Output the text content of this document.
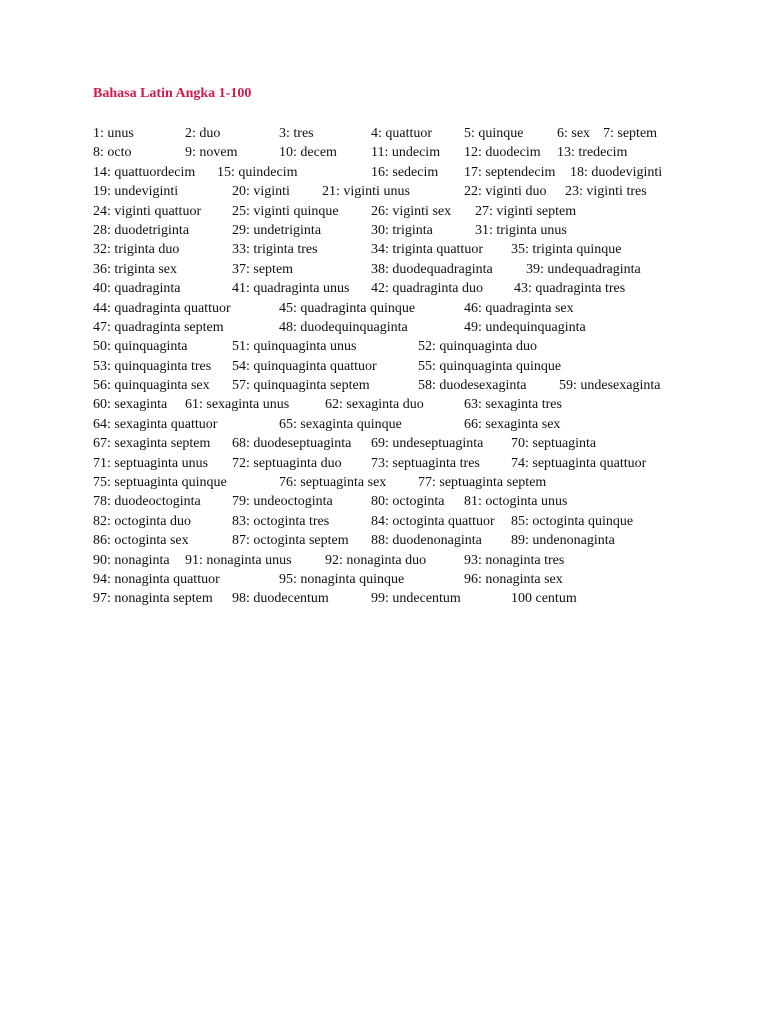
Bahasa Latin Angka 1-100
1: unus	2: duo	3: tres	4: quattuor 5: quinque 6: sex 7: septem
8: octo	9: novem	10: decem 11: undecim 12: duodecim 13: tredecim
14: quattuordecim 15: quindecim	16: sedecim 17: septendecim 18: duodeviginti
19: undeviginti	20: viginti 21: viginti unus	22: viginti duo 23: viginti tres
24: viginti quattuor 25: viginti quinque 26: viginti sex 27: viginti septem
28: duodetriginta	29: undetriginta	30: triginta	31: triginta unus
32: triginta duo	33: triginta tres	34: triginta quattuor 35: triginta quinque
36: triginta sex	37: septem	38: duodequadraginta 39: undequadraginta
40: quadraginta	41: quadraginta unus 42: quadraginta duo 43: quadraginta tres
44: quadraginta quattuor	45: quadraginta quinque	46: quadraginta sex
47: quadraginta septem	48: duodequinquaginta	49: undequinquaginta
50: quinquaginta	51: quinquaginta unus	52: quinquaginta duo
53: quinquaginta tres 54: quinquaginta quattuor	55: quinquaginta quinque
56: quinquaginta sex 57: quinquaginta septem	58: duodesexaginta 59: undesexaginta
60: sexaginta 61: sexaginta unus	62: sexaginta duo	63: sexaginta tres
64: sexaginta quattuor	65: sexaginta quinque	66: sexaginta sex
67: sexaginta septem 68: duodeseptuaginta 69: undeseptuaginta 70: septuaginta
71: septuaginta unus 72: septuaginta duo 73: septuaginta tres 74: septuaginta quattuor
75: septuaginta quinque	76: septuaginta sex 77: septuaginta septem
78: duodeoctoginta 79: undeoctoginta	80: octoginta 81: octoginta unus
82: octoginta duo	83: octoginta tres	84: octoginta quattuor 85: octoginta quinque
86: octoginta sex	87: octoginta septem 88: duodenonaginta 89: undenonaginta
90: nonaginta 91: nonaginta unus 92: nonaginta duo	93: nonaginta tres
94: nonaginta quattuor	95: nonaginta quinque	96: nonaginta sex
97: nonaginta septem 98: duodecentum	99: undecentum	100 centum
